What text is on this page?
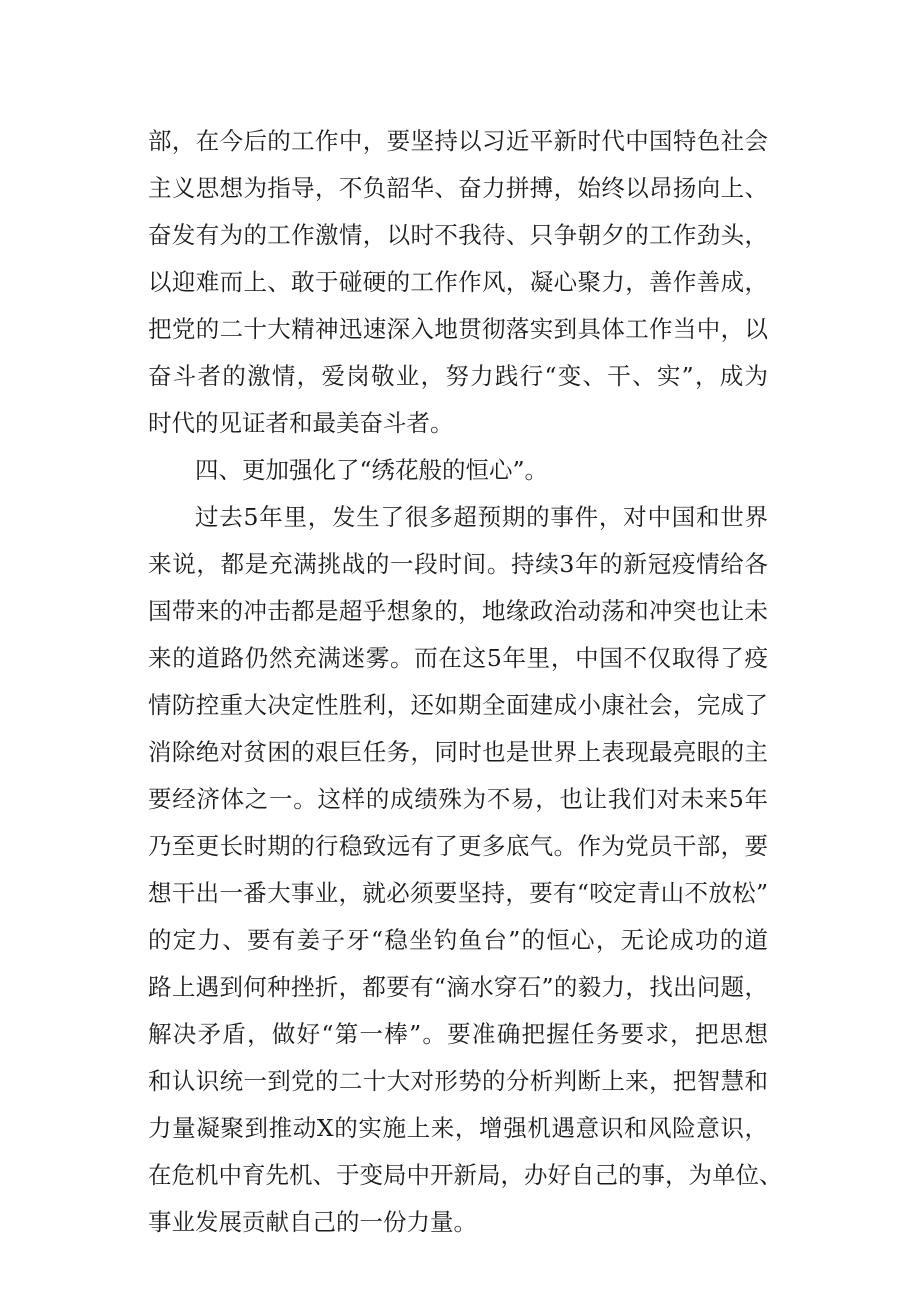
部，在今后的工作中，要坚持以习近平新时代中国特色社会
主义思想为指导，不负韶华、奋力拼搏，始终以昂扬向上、
奋发有为的工作激情，以时不我待、只争朝夕的工作劲头，
以迎难而上、敢于碰硬的工作作风，凝心聚力，善作善成，
把党的二十大精神迅速深入地贯彻落实到具体工作当中，以
奋斗者的激情，爱岗敬业，努力践行“变、干、实”，成为
时代的见证者和最美奋斗者。
四、更加强化了“绣花般的恒心”。
过去5年里，发生了很多超预期的事件，对中国和世界
来说，都是充满挑战的一段时间。持续3年的新冠疫情给各
国带来的冲击都是超乎想象的，地缘政治动荡和冲突也让未
来的道路仍然充满迷雾。而在这5年里，中国不仅取得了疫
情防控重大决定性胜利，还如期全面建成小康社会，完成了
消除绝对贫困的艰巨任务，同时也是世界上表现最亮眼的主
要经济体之一。这样的成绩殊为不易，也让我们对未来5年
乃至更长时期的行稳致远有了更多底气。作为党员干部，要
想干出一番大事业，就必须要坚持，要有“咬定青山不放松”
的定力、要有姜子牙“稳坐钓鱼台”的恒心，无论成功的道
路上遇到何种挫折，都要有“滴水穿石”的毅力，找出问题，
解决矛盾，做好“第一棒”。要准确把握任务要求，把思想
和认识统一到党的二十大对形势的分析判断上来，把智慧和
力量凝聚到推动X的实施上来，增强机遇意识和风险意识，
在危机中育先机、于变局中开新局，办好自己的事，为单位、
事业发展贡献自己的一份力量。
